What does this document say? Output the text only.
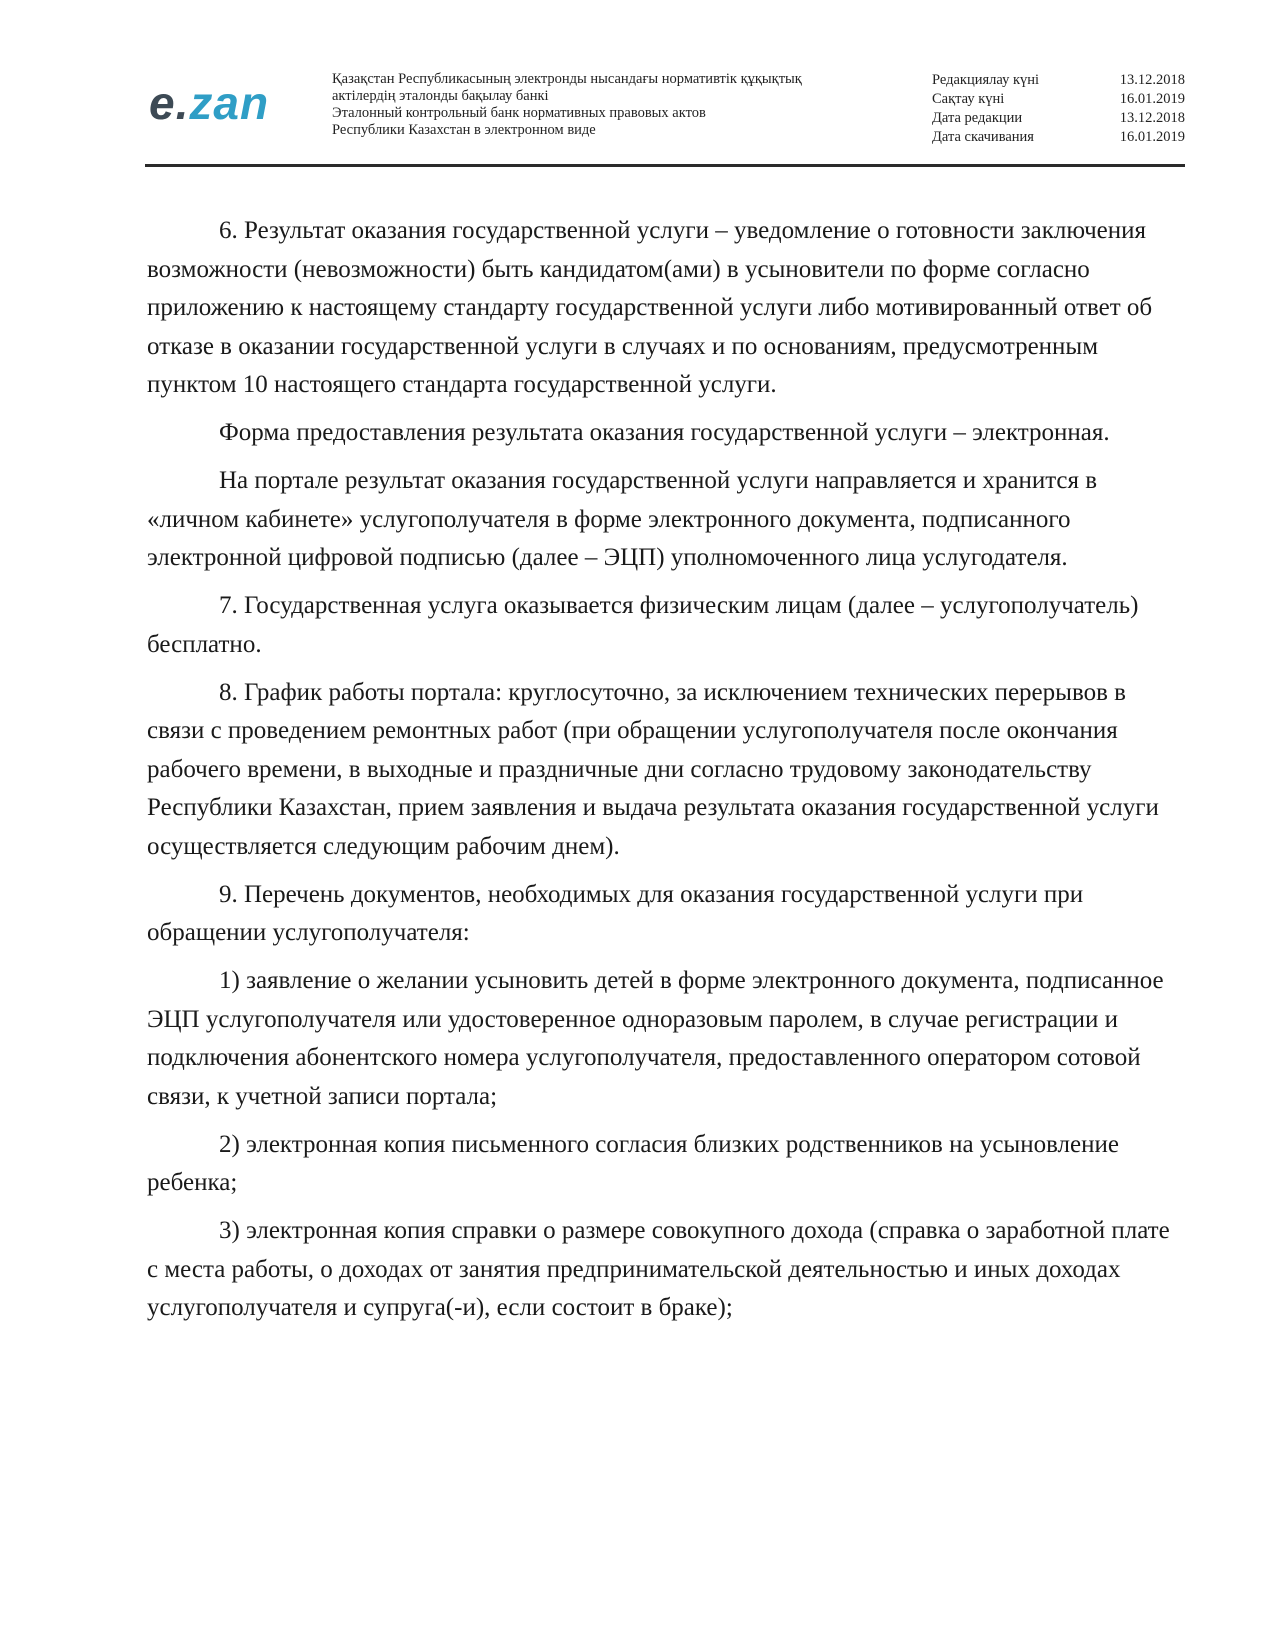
e.zan	Қазақстан Республикасының электронды нысандағы нормативтік құқықтық
актілердің эталонды бақылау банкі
Эталонный контрольный банк нормативных правовых актов
Республики Казахстан в электронном виде
Редакциялау күні	13.12.2018
Сақтау күні	16.01.2019
Дата редакции	13.12.2018
Дата скачивания	16.01.2019

6. Результат оказания государственной услуги – уведомление о готовности заключения возможности (невозможности) быть кандидатом(ами) в усыновители по форме согласно приложению к настоящему стандарту государственной услуги либо мотивированный ответ об отказе в оказании государственной услуги в случаях и по основаниям, предусмотренным пунктом 10 настоящего стандарта государственной услуги.

Форма предоставления результата оказания государственной услуги – электронная.

На портале результат оказания государственной услуги направляется и хранится в «личном кабинете» услугополучателя в форме электронного документа, подписанного электронной цифровой подписью (далее – ЭЦП) уполномоченного лица услугодателя.

7. Государственная услуга оказывается физическим лицам (далее – услугополучатель) бесплатно.

8. График работы портала: круглосуточно, за исключением технических перерывов в связи с проведением ремонтных работ (при обращении услугополучателя после окончания рабочего времени, в выходные и праздничные дни согласно трудовому законодательству Республики Казахстан, прием заявления и выдача результата оказания государственной услуги осуществляется следующим рабочим днем).

9. Перечень документов, необходимых для оказания государственной услуги при обращении услугополучателя:

1) заявление о желании усыновить детей в форме электронного документа, подписанное ЭЦП услугополучателя или удостоверенное одноразовым паролем, в случае регистрации и подключения абонентского номера услугополучателя, предоставленного оператором сотовой связи, к учетной записи портала;

2) электронная копия письменного согласия близких родственников на усыновление ребенка;

3) электронная копия справки о размере совокупного дохода (справка о заработной плате с места работы, о доходах от занятия предпринимательской деятельностью и иных доходах услугополучателя и супруга(-и), если состоит в браке);
